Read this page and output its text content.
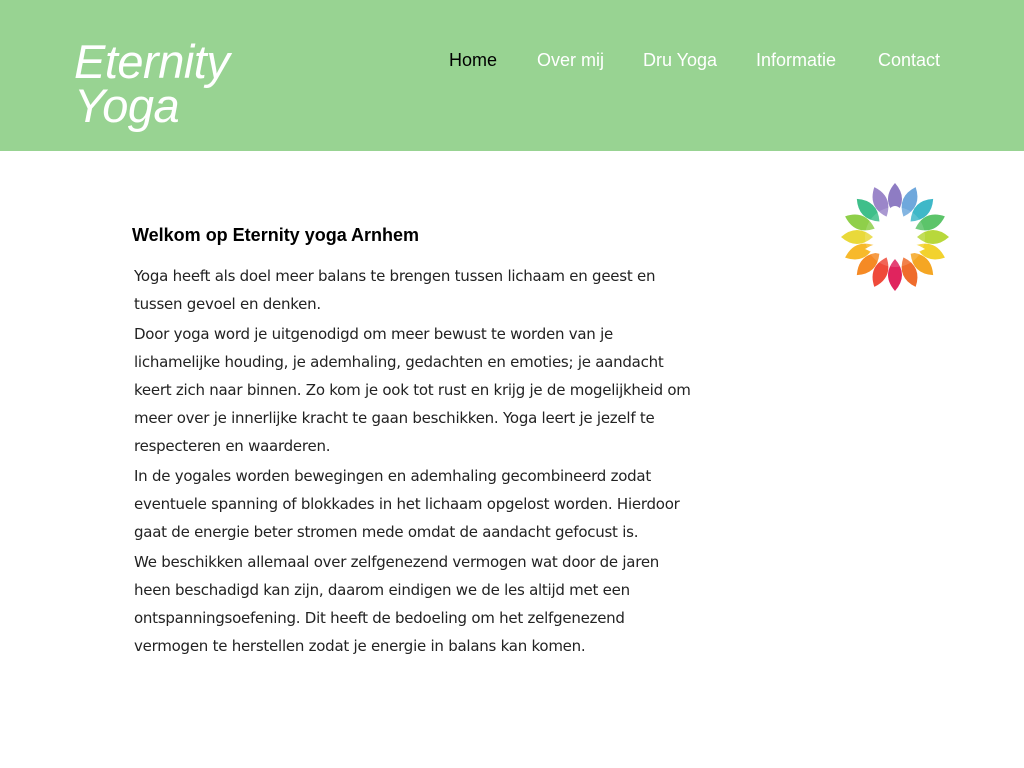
Eternity
Yoga
Home Over mij Dru Yoga Informatie Contact
Welkom op Eternity yoga Arnhem

Yoga heeft als doel meer balans te brengen tussen lichaam en geest en tussen gevoel en denken.

Door yoga word je uitgenodigd om meer bewust te worden van je lichamelijke houding, je ademhaling, gedachten en emoties; je aandacht keert zich naar binnen. Zo kom je ook tot rust en krijg je de mogelijkheid om meer over je innerlijke kracht te gaan beschikken. Yoga leert je jezelf te respecteren en waarderen.

In de yogales worden bewegingen en ademhaling gecombineerd zodat eventuele spanning of blokkades in het lichaam opgelost worden. Hierdoor gaat de energie beter stromen mede omdat de aandacht gefocust is.

We beschikken allemaal over zelfgenezend vermogen wat door de jaren heen beschadigd kan zijn, daarom eindigen we de les altijd met een ontspanningsoefening. Dit heeft de bedoeling om het zelfgenezend vermogen te herstellen zodat je energie in balans kan komen.
